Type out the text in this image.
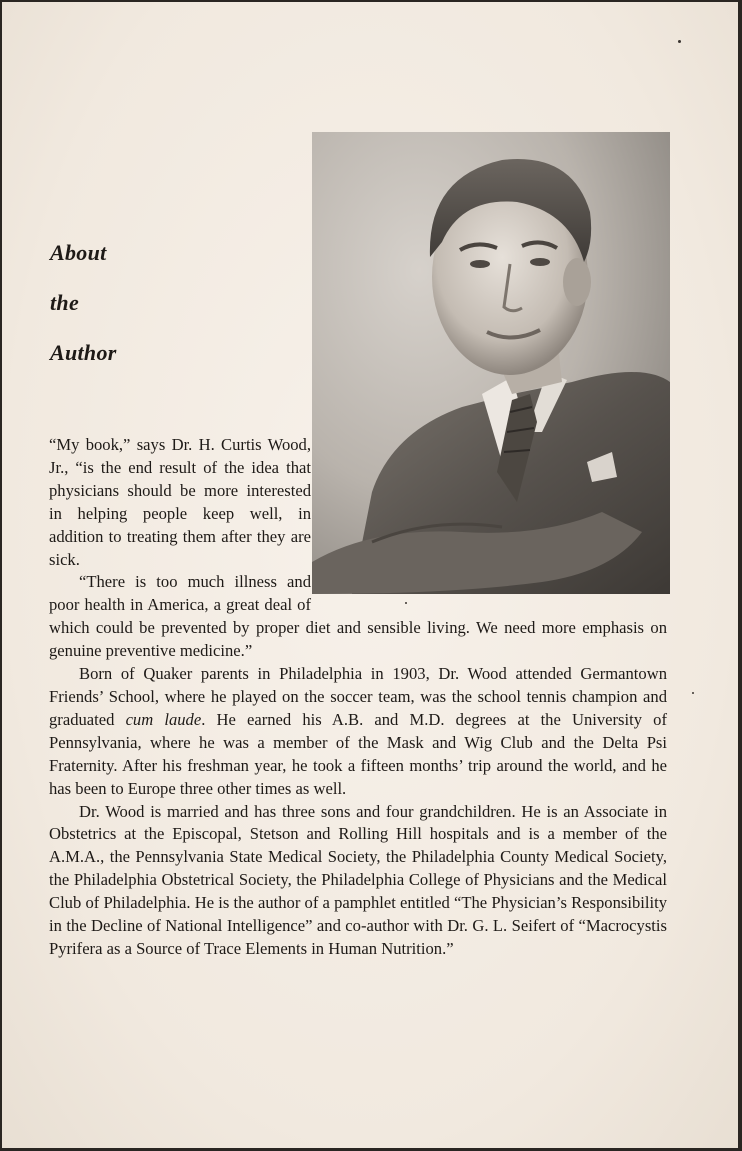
About
the
Author

“My book,” says Dr. H. Curtis Wood, Jr., “is the end result of the idea that physicians should be more interested in helping people keep well, in addition to treating them after they are sick.

“There is too much illness and poor health in America, a great deal of which could be prevented by proper diet and sensible living. We need more emphasis on genuine preventive medicine.”

Born of Quaker parents in Philadelphia in 1903, Dr. Wood attended Germantown Friends’ School, where he played on the soccer team, was the school tennis champion and graduated cum laude. He earned his A.B. and M.D. degrees at the University of Pennsylvania, where he was a member of the Mask and Wig Club and the Delta Psi Fraternity. After his freshman year, he took a fifteen months’ trip around the world, and he has been to Europe three other times as well.

Dr. Wood is married and has three sons and four grandchildren. He is an Associate in Obstetrics at the Episcopal, Stetson and Rolling Hill hospitals and is a member of the A.M.A., the Pennsylvania State Medical Society, the Philadelphia County Medical Society, the Philadelphia Obstetrical Society, the Philadelphia College of Physicians and the Medical Club of Philadelphia. He is the author of a pamphlet entitled “The Physician’s Responsibility in the Decline of National Intelligence” and co-author with Dr. G. L. Seifert of “Macrocystis Pyrifera as a Source of Trace Elements in Human Nutrition.”
